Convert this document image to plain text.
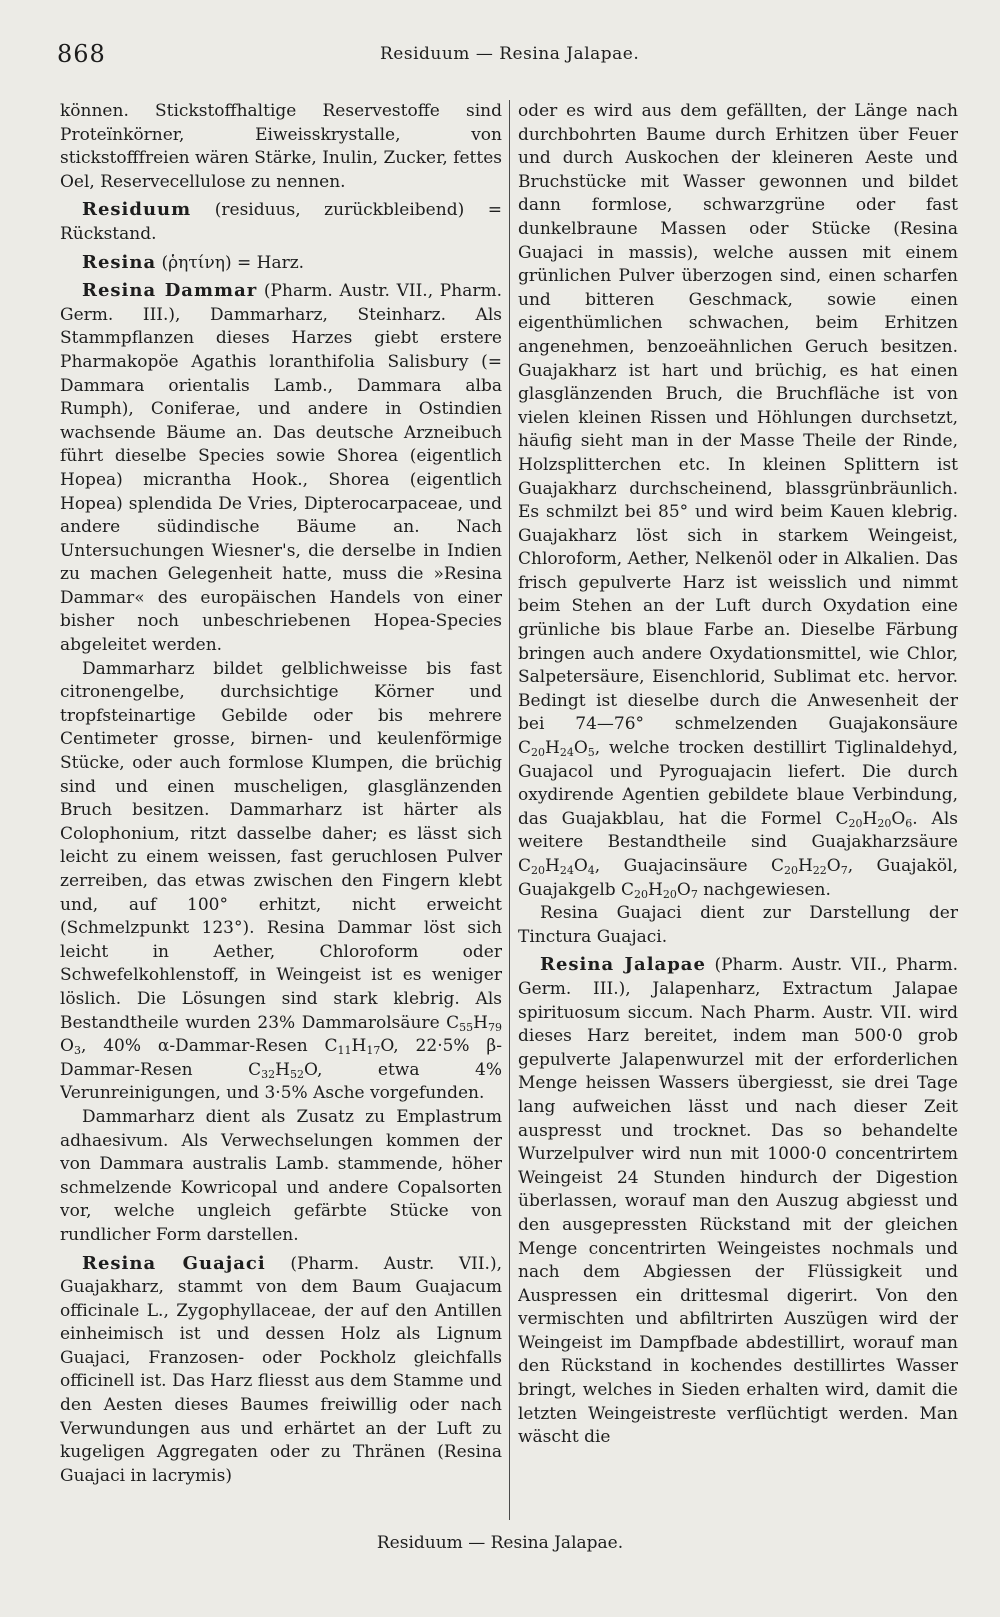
868	Residuum — Resina Jalapae.

können. Stickstoffhaltige Reservestoffe sind Proteïnkörner, Eiweisskrystalle, von stickstofffreien wären Stärke, Inulin, Zucker, fettes Oel, Reservecellulose zu nennen.

Residuum (residuus, zurückbleibend) = Rückstand.

Resina (ῥητίνη) = Harz.

Resina Dammar (Pharm. Austr. VII., Pharm. Germ. III.), Dammarharz, Steinharz. Als Stammpflanzen dieses Harzes giebt erstere Pharmakopöe Agathis loranthifolia Salisbury (= Dammara orientalis Lamb., Dammara alba Rumph), Coniferae, und andere in Ostindien wachsende Bäume an. Das deutsche Arzneibuch führt dieselbe Species sowie Shorea (eigentlich Hopea) micrantha Hook., Shorea (eigentlich Hopea) splendida De Vries, Dipterocarpaceae, und andere südindische Bäume an. Nach Untersuchungen Wiesner's, die derselbe in Indien zu machen Gelegenheit hatte, muss die »Resina Dammar« des europäischen Handels von einer bisher noch unbeschriebenen Hopea-Species abgeleitet werden.

Dammarharz bildet gelblichweisse bis fast citronengelbe, durchsichtige Körner und tropfsteinartige Gebilde oder bis mehrere Centimeter grosse, birnen- und keulenförmige Stücke, oder auch formlose Klumpen, die brüchig sind und einen muscheligen, glasglänzenden Bruch besitzen. Dammarharz ist härter als Colophonium, ritzt dasselbe daher; es lässt sich leicht zu einem weissen, fast geruchlosen Pulver zerreiben, das etwas zwischen den Fingern klebt und, auf 100° erhitzt, nicht erweicht (Schmelzpunkt 123°). Resina Dammar löst sich leicht in Aether, Chloroform oder Schwefelkohlenstoff, in Weingeist ist es weniger löslich. Die Lösungen sind stark klebrig. Als Bestandtheile wurden 23% Dammarolsäure $C_{55}H_{79}$ $O_3$, 40% α-Dammar-Resen $C_{11}H_{17}O$, 22·5% β-Dammar-Resen $C_{32}H_{52}O$, etwa 4% Verunreinigungen, und 3·5% Asche vorgefunden.

Dammarharz dient als Zusatz zu Emplastrum adhaesivum. Als Verwechselungen kommen der von Dammara australis Lamb. stammende, höher schmelzende Kowricopal und andere Copalsorten vor, welche ungleich gefärbte Stücke von rundlicher Form darstellen.

Resina Guajaci (Pharm. Austr. VII.), Guajakharz, stammt von dem Baum Guajacum officinale L., Zygophyllaceae, der auf den Antillen einheimisch ist und dessen Holz als Lignum Guajaci, Franzosen- oder Pockholz gleichfalls officinell ist. Das Harz fliesst aus dem Stamme und den Aesten dieses Baumes freiwillig oder nach Verwundungen aus und erhärtet an der Luft zu kugeligen Aggregaten oder zu Thränen (Resina Guajaci in lacrymis)

oder es wird aus dem gefällten, der Länge nach durchbohrten Baume durch Erhitzen über Feuer und durch Auskochen der kleineren Aeste und Bruchstücke mit Wasser gewonnen und bildet dann formlose, schwarzgrüne oder fast dunkelbraune Massen oder Stücke (Resina Guajaci in massis), welche aussen mit einem grünlichen Pulver überzogen sind, einen scharfen und bitteren Geschmack, sowie einen eigenthümlichen schwachen, beim Erhitzen angenehmen, benzoeähnlichen Geruch besitzen. Guajakharz ist hart und brüchig, es hat einen glasglänzenden Bruch, die Bruchfläche ist von vielen kleinen Rissen und Höhlungen durchsetzt, häufig sieht man in der Masse Theile der Rinde, Holzsplitterchen etc. In kleinen Splittern ist Guajakharz durchscheinend, blassgrünbräunlich. Es schmilzt bei 85° und wird beim Kauen klebrig. Guajakharz löst sich in starkem Weingeist, Chloroform, Aether, Nelkenöl oder in Alkalien. Das frisch gepulverte Harz ist weisslich und nimmt beim Stehen an der Luft durch Oxydation eine grünliche bis blaue Farbe an. Dieselbe Färbung bringen auch andere Oxydationsmittel, wie Chlor, Salpetersäure, Eisenchlorid, Sublimat etc. hervor. Bedingt ist dieselbe durch die Anwesenheit der bei 74—76° schmelzenden Guajakonsäure $C_{20}H_{24}O_5$, welche trocken destillirt Tiglinaldehyd, Guajacol und Pyroguajacin liefert. Die durch oxydirende Agentien gebildete blaue Verbindung, das Guajakblau, hat die Formel $C_{20}H_{20}O_6$. Als weitere Bestandtheile sind Guajakharzsäure $C_{20}H_{24}O_4$, Guajacinsäure $C_{20}H_{22}O_7$, Guajaköl, Guajakgelb $C_{20}H_{20}O_7$ nachgewiesen.

Resina Guajaci dient zur Darstellung der Tinctura Guajaci.

Resina Jalapae (Pharm. Austr. VII., Pharm. Germ. III.), Jalapenharz, Extractum Jalapae spirituosum siccum. Nach Pharm. Austr. VII. wird dieses Harz bereitet, indem man 500·0 grob gepulverte Jalapenwurzel mit der erforderlichen Menge heissen Wassers übergiesst, sie drei Tage lang aufweichen lässt und nach dieser Zeit auspresst und trocknet. Das so behandelte Wurzelpulver wird nun mit 1000·0 concentrirtem Weingeist 24 Stunden hindurch der Digestion überlassen, worauf man den Auszug abgiesst und den ausgepressten Rückstand mit der gleichen Menge concentrirten Weingeistes nochmals und nach dem Abgiessen der Flüssigkeit und Auspressen ein drittesmal digerirt. Von den vermischten und abfiltrirten Auszügen wird der Weingeist im Dampfbade abdestillirt, worauf man den Rückstand in kochendes destillirtes Wasser bringt, welches in Sieden erhalten wird, damit die letzten Weingeistreste verflüchtigt werden. Man wäscht die

Residuum — Resina Jalapae.
